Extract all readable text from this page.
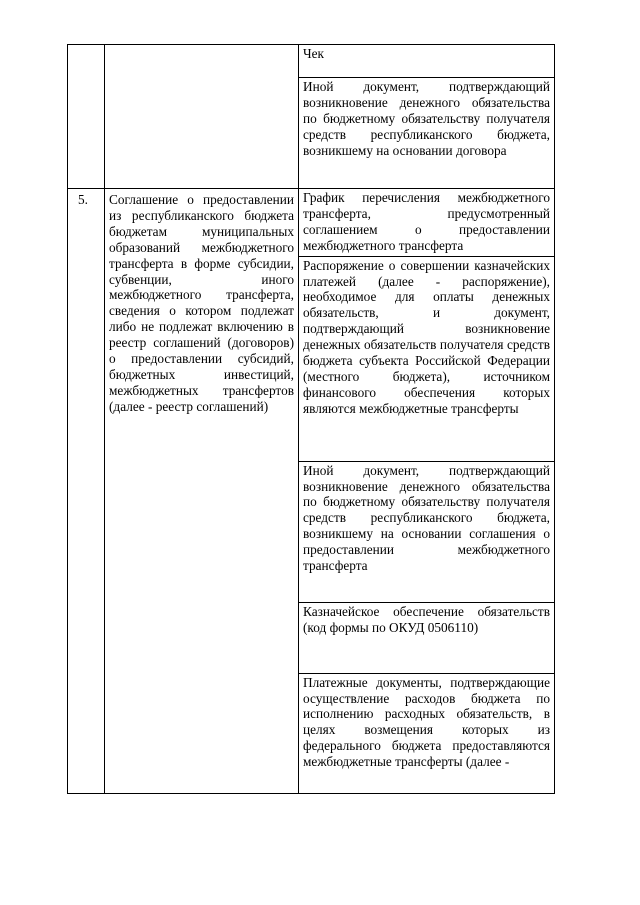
		Чек

		Иной документ, подтверждающий возникновение денежного обязательства по бюджетному обязательству получателя средств республиканского бюджета, возникшему на основании договора

5.	Соглашение о предоставлении из республиканского бюджета бюджетам муниципальных образований межбюджетного трансферта в форме субсидии, субвенции, иного межбюджетного трансферта, сведения о котором подлежат либо не подлежат включению в реестр соглашений (договоров) о предоставлении субсидий, бюджетных инвестиций, межбюджетных трансфертов (далее - реестр соглашений)	График перечисления межбюджетного трансферта, предусмотренный соглашением о предоставлении межбюджетного трансферта

		Распоряжение о совершении казначейских платежей (далее - распоряжение), необходимое для оплаты денежных обязательств, и документ, подтверждающий возникновение денежных обязательств получателя средств бюджета субъекта Российской Федерации (местного бюджета), источником финансового обеспечения которых являются межбюджетные трансферты

		Иной документ, подтверждающий возникновение денежного обязательства по бюджетному обязательству получателя средств республиканского бюджета, возникшему на основании соглашения о предоставлении межбюджетного трансферта

		Казначейское обеспечение обязательств (код формы по ОКУД 0506110)

		Платежные документы, подтверждающие осуществление расходов бюджета по исполнению расходных обязательств, в целях возмещения которых из федерального бюджета предоставляются межбюджетные трансферты (далее -
